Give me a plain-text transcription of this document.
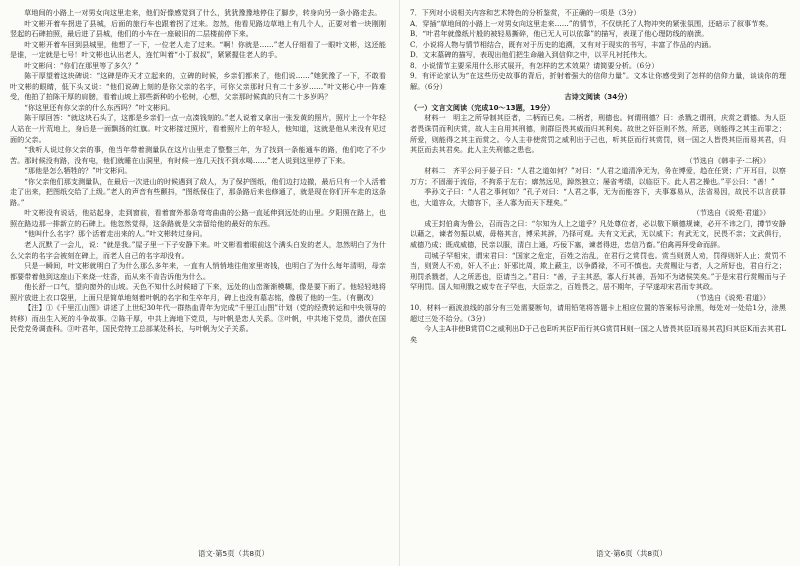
草地间的小路上一对男女向这里走来，他们好像感觉到了什么，犹犹豫豫地停住了脚步，转身向另一条小路走去。

叶文彬开着车拐进了县城，后面的旅行车也跟着拐了过来。忽然，他看见路边草地上有几个人，正要对着一块刚刚竖起的石碑拍照，最后进了县城，他们的小车在一座破旧的二层楼前停下来。

叶文彬开着车回到县城里，他想了一下，一位老人走了过来。“啊！你就是……”老人仔细看了一眼叶文彬，这还能是谁，一定就是七号！叶文彬也认出老人，连忙叫着“小丁叔叔”，紧紧握住老人的手。

叶文彬问：“你们在那里等了多久？”

陈干厚望着这块碑说：“这碑是昨天才立起来的，立碑的时候，乡亲们都来了，他们说……”她犹豫了一下，不敢看叶文彬的眼睛，低下头又说：“他们说碑上刻的是你父亲的名字，可你父亲那时只有二十多岁……”叶文彬心中一阵难受，他拍了拍陈干厚的肩膀，看着山坡上那些新种的小松树，心想，父亲那时候真的只有二十多岁吗？

“你这里还有你父亲的什么东西吗？”叶文彬问。

陈干厚回答：“就这块石头了，这都是乡亲们一点一点凑钱刻的。”老人说着又拿出一张发黄的照片，照片上一个年轻人站在一片荒地上，身后是一面飘扬的红旗。叶文彬接过照片，看着照片上的年轻人，他知道，这就是他从来没有见过面的父亲。

“我听人说过你父亲的事，他当年带着测量队在这片山里走了整整三年，为了找到一条能通车的路，他们吃了不少苦。那时候没有路，没有电，他们就睡在山洞里，有时候一连几天找不到水喝……”老人说到这里停了下来。

“那他是怎么牺牲的？”叶文彬问。

“你父亲他们那支测量队，在最后一次进山的时候遇到了敌人，为了保护图纸，他们边打边撤，最后只有一个人活着走了出来，把图纸交给了上级。”老人的声音有些颤抖，“图纸保住了，那条路后来也修通了，就是现在你们开车走的这条路。”

叶文彬没有说话，他站起身，走到窗前，看着窗外那条弯弯曲曲的公路一直延伸到远处的山里。夕阳照在路上，也照在路边那一排新立的石碑上。他忽然觉得，这条路就是父亲留给他的最好的东西。

“他叫什么名字？那个活着走出来的人。”叶文彬转过身问。

老人沉默了一会儿，说：“就是我。”屋子里一下子安静下来。叶文彬看着眼前这个满头白发的老人，忽然明白了为什么父亲的名字会被刻在碑上，而老人自己的名字却没有。

只是一瞬间，叶文彬就明白了为什么那么多年来，一直有人悄悄地往他家里寄钱，也明白了为什么每年清明，母亲都要带着他到这座山下来烧一炷香，而从来不肯告诉他为什么。

他长舒一口气，望向窗外的山坡。天色不知什么时候暗了下来，远处的山峦渐渐模糊，像是要下雨了。他轻轻地将照片放进上衣口袋里，上面只是简单地刻着叶帆的名字和生卒年月，碑上也没有墓志铭，像极了他的一生。（有删改）

【注】①《千里江山图》讲述了上世纪30年代一群热血青年为完成“千里江山图”计划（党的经费转运和中央领导的转移）而出生入死的斗争故事。②陈干厚，中共上海地下党员，与叶帆是恋人关系。③叶帆，中共地下党员，潜伏在国民党党务调查科。③叶君年，国民党特工总部某处科长，与叶帆为父子关系。

7．下列对小说相关内容和艺术特色的分析鉴赏，不正确的一项是（3分）

A．穿插“草地间的小路上一对男女向这里走来……”的情节，不仅烘托了人物冲突的紧张氛围，还暗示了叙事节奏。

B．“叶君年就像纸片般的被轻易撕碎，他已无人可以依靠”的描写，表现了他心理防线的崩溃。

C．小说将人物与情节相结合，既有对于历史的追溯，又有对于现实的书写，丰富了作品的内涵。

D．文末墓碑的描写，表现出他们把生命融入到信仰之中，以平凡衬托伟大。

8．小说情节主要采用什么形式展开，有怎样的艺术效果？请简要分析。（6分）

9．有评论家认为“在这些历史故事的背后，折射着强大的信仰力量”。文本让你感受到了怎样的信仰力量，谈谈你的理解。（6分）

古诗文阅读（34分）

（一）文言文阅读（完成10～13题，19分）

材料一　明主之所导制其臣者，二柄而已矣。二柄者，刑德也。何谓刑德？曰：杀戮之谓刑，庆赏之谓德。为人臣者畏诛罚而利庆赏，故人主自用其刑德，则群臣畏其威而归其利矣。故世之奸臣则不然，所恶，则能得之其主而罪之；所爱，则能得之其主而赏之。今人主非使赏罚之威利出于己也，听其臣而行其赏罚，则一国之人皆畏其臣而易其君，归其臣而去其君矣。此人主失刑德之患也。

（节选自《韩非子·二柄》）

材料二　齐平公问于晏子曰：“人君之道如何？”对曰：“人君之道清净无为，务在博爱，趋在任贤；广开耳目，以察万方；不固溺于流俗，不拘系于左右；廓然远见，踔然独立；屡省考绩，以临臣下。此人君之操也。”平公曰：“善！”

季孙文子曰：“人君之事何如？”孔子对曰：“人君之事，无为而能容下，夫事寡易从，法省易因，故民不以言获罪也，大道容众，大德容下，圣人寡为而天下理矣。”

（节选自《说苑·君道》）

成王封伯禽为鲁公，召而告之曰：“尔知为人上之道乎？凡处尊位者，必以敬下顺德规谏，必开不讳之门，撙节安静以藉之，谏者勿振以威，毋格其言，博采其辞，乃择可观。夫有文无武，无以威下；有武无文，民畏不亲；文武俱行，威德乃成；既成威德，民亲以服，清白上通，巧佞下塞，谏者得进，忠信乃畜。”伯禽再拜受命而辞。

司城子罕相宋，谓宋君曰：“国家之危定，百姓之治乱，在君行之赏罚也。赏当则贤人劝，罚得则奸人止；赏罚不当，则贤人不劝，奸人不止；奸邪比周，欺上蔽主，以争爵禄，不可不慎也。夫赏赐让与者，人之所好也，君自行之；刑罚杀戮者，人之所恶也，臣请当之。”君曰：“善，子主其恶，寡人行其善，吾知不为诸侯笑矣。”于是宋君行赏赐而与子罕刑罚。国人知刑戮之威专在子罕也，大臣亲之，百姓畏之，居不期年，子罕遂却宋君而专其政。

（节选自《说苑·君道》）

10．材料一画波浪线的部分有三处需要断句，请用铅笔将答题卡上相应位置的答案标号涂黑，每处对一处给1分，涂黑超过三处不给分。（3分）

今人主A非使B赏罚C之威利出D于己也E听其臣F而行其G赏罚H则一国之人皆畏其臣I而易其君J归其臣K而去其君L矣

语文·第5页（共8页）	语文·第6页（共8页）
